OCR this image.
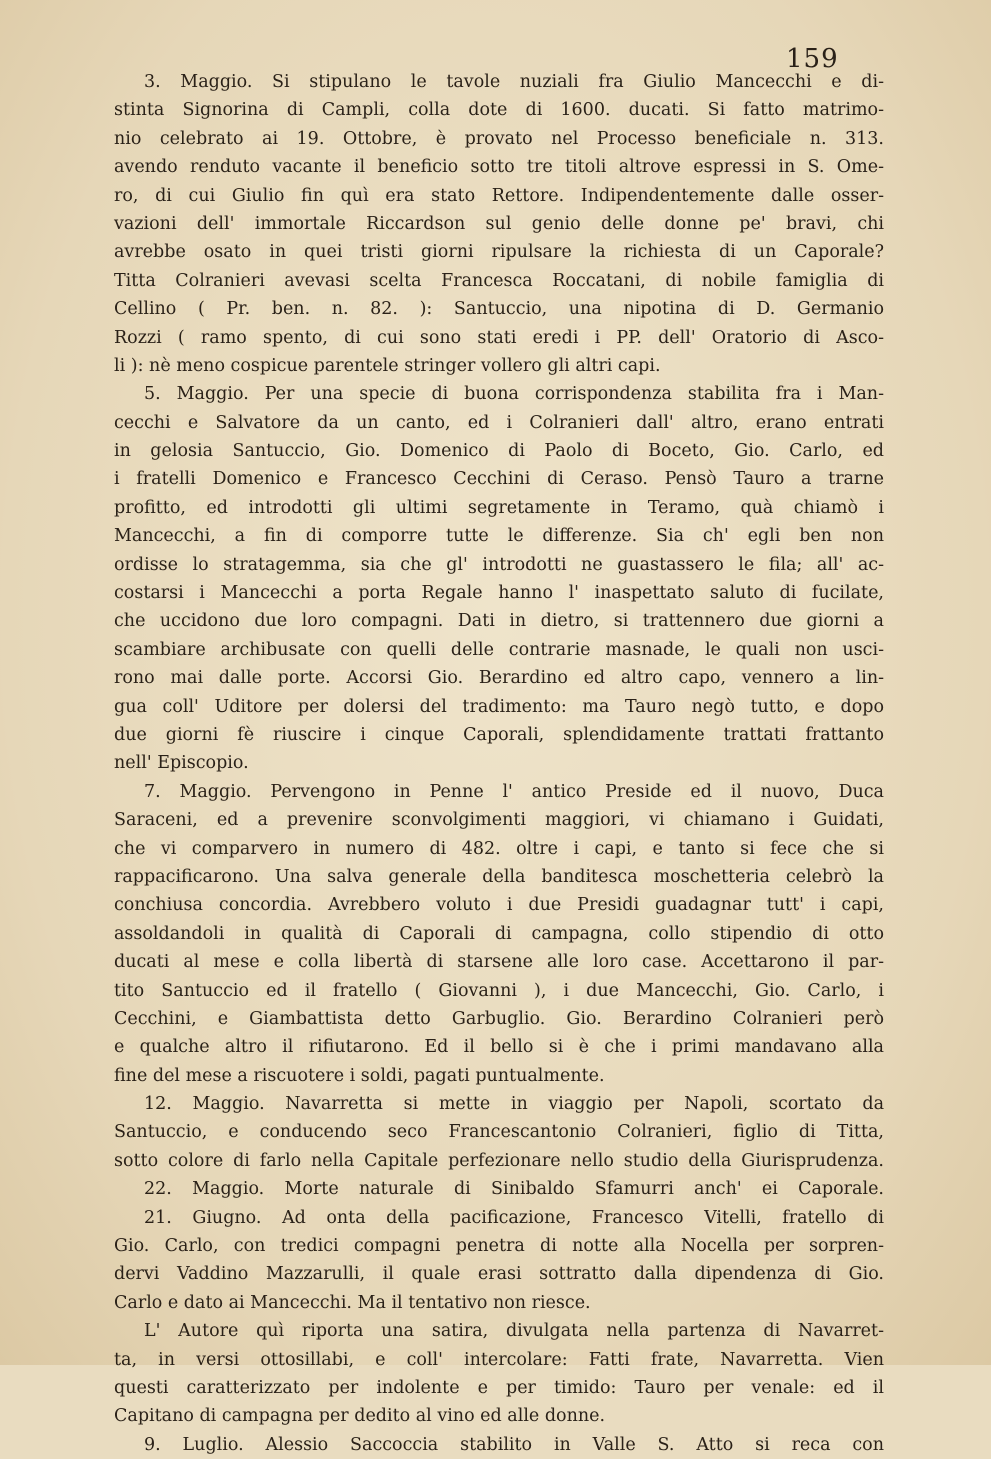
159
3. Maggio. Si stipulano le tavole nuziali fra Giulio Mancecchi e di-
stinta Signorina di Campli, colla dote di 1600. ducati. Si fatto matrimo-
nio celebrato ai 19. Ottobre, è provato nel Processo beneficiale n. 313.
avendo renduto vacante il beneficio sotto tre titoli altrove espressi in S. Ome-
ro, di cui Giulio fin quì era stato Rettore. Indipendentemente dalle osser-
vazioni dell' immortale Riccardson sul genio delle donne pe' bravi, chi
avrebbe osato in quei tristi giorni ripulsare la richiesta di un Caporale?
Titta Colranieri avevasi scelta Francesca Roccatani, di nobile famiglia di
Cellino ( Pr. ben. n. 82. ): Santuccio, una nipotina di D. Germanio
Rozzi ( ramo spento, di cui sono stati eredi i PP. dell' Oratorio di Asco-
li ): nè meno cospicue parentele stringer vollero gli altri capi.
5. Maggio. Per una specie di buona corrispondenza stabilita fra i Man-
cecchi e Salvatore da un canto, ed i Colranieri dall' altro, erano entrati
in gelosia Santuccio, Gio. Domenico di Paolo di Boceto, Gio. Carlo, ed
i fratelli Domenico e Francesco Cecchini di Ceraso. Pensò Tauro a trarne
profitto, ed introdotti gli ultimi segretamente in Teramo, quà chiamò i
Mancecchi, a fin di comporre tutte le differenze. Sia ch' egli ben non
ordisse lo stratagemma, sia che gl' introdotti ne guastassero le fila; all' ac-
costarsi i Mancecchi a porta Regale hanno l' inaspettato saluto di fucilate,
che uccidono due loro compagni. Dati in dietro, si trattennero due giorni a
scambiare archibusate con quelli delle contrarie masnade, le quali non usci-
rono mai dalle porte. Accorsi Gio. Berardino ed altro capo, vennero a lin-
gua coll' Uditore per dolersi del tradimento: ma Tauro negò tutto, e dopo
due giorni fè riuscire i cinque Caporali, splendidamente trattati frattanto
nell' Episcopio.
7. Maggio. Pervengono in Penne l' antico Preside ed il nuovo, Duca
Saraceni, ed a prevenire sconvolgimenti maggiori, vi chiamano i Guidati,
che vi comparvero in numero di 482. oltre i capi, e tanto si fece che si
rappacificarono. Una salva generale della banditesca moschetteria celebrò la
conchiusa concordia. Avrebbero voluto i due Presidi guadagnar tutt' i capi,
assoldandoli in qualità di Caporali di campagna, collo stipendio di otto
ducati al mese e colla libertà di starsene alle loro case. Accettarono il par-
tito Santuccio ed il fratello ( Giovanni ), i due Mancecchi, Gio. Carlo, i
Cecchini, e Giambattista detto Garbuglio. Gio. Berardino Colranieri però
e qualche altro il rifiutarono. Ed il bello si è che i primi mandavano alla
fine del mese a riscuotere i soldi, pagati puntualmente.
12. Maggio. Navarretta si mette in viaggio per Napoli, scortato da
Santuccio, e conducendo seco Francescantonio Colranieri, figlio di Titta,
sotto colore di farlo nella Capitale perfezionare nello studio della Giurisprudenza.
22. Maggio. Morte naturale di Sinibaldo Sfamurri anch' ei Caporale.
21. Giugno. Ad onta della pacificazione, Francesco Vitelli, fratello di
Gio. Carlo, con tredici compagni penetra di notte alla Nocella per sorpren-
dervi Vaddino Mazzarulli, il quale erasi sottratto dalla dipendenza di Gio.
Carlo e dato ai Mancecchi. Ma il tentativo non riesce.
L' Autore quì riporta una satira, divulgata nella partenza di Navarret-
ta, in versi ottosillabi, e coll' intercolare: Fatti frate, Navarretta. Vien
questi caratterizzato per indolente e per timido: Tauro per venale: ed il
Capitano di campagna per dedito al vino ed alle donne.
9. Luglio. Alessio Saccoccia stabilito in Valle S. Atto si reca con
